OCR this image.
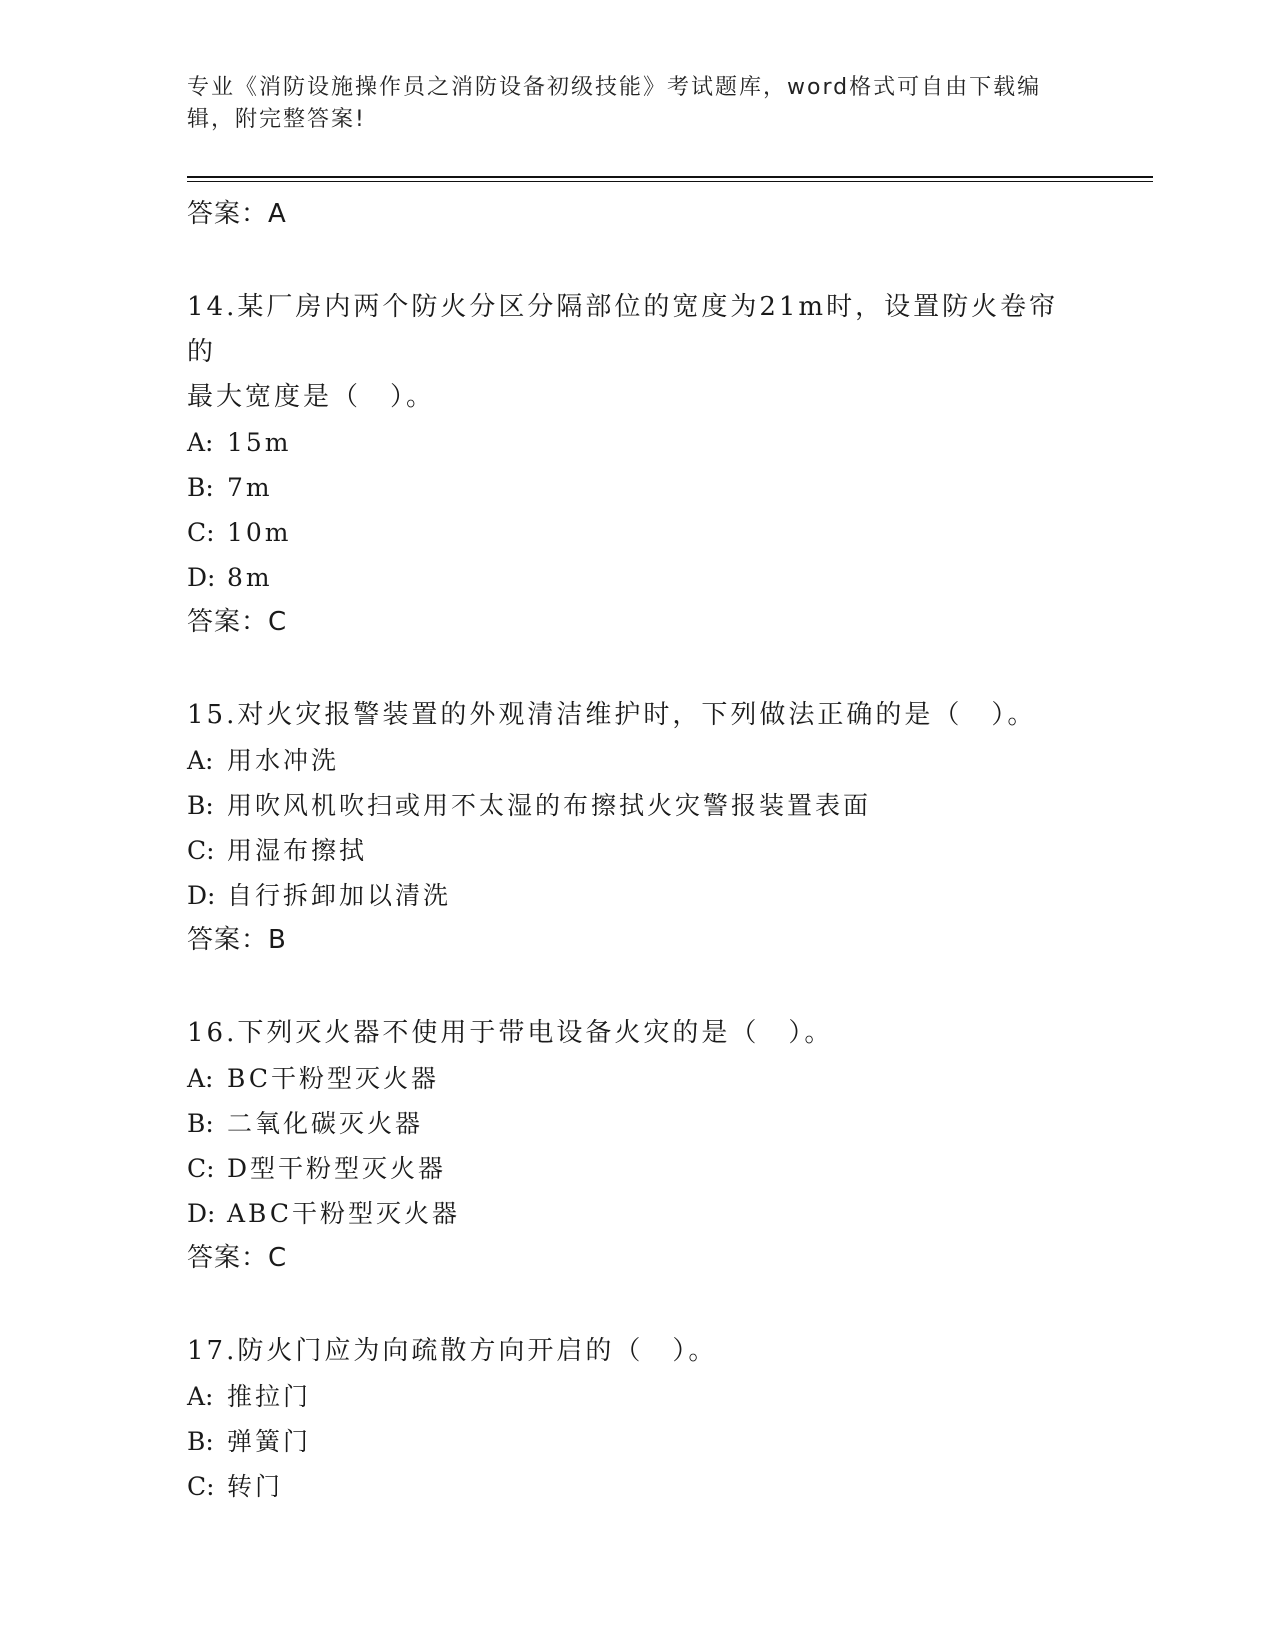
专业《消防设施操作员之消防设备初级技能》考试题库，word格式可自由下载编
辑，附完整答案!
答案：A
14.某厂房内两个防火分区分隔部位的宽度为21m时，设置防火卷帘的
最大宽度是（　）。
A: 15m
B: 7m
C: 10m
D: 8m
答案：C
15.对火灾报警装置的外观清洁维护时，下列做法正确的是（　）。
A: 用水冲洗
B: 用吹风机吹扫或用不太湿的布擦拭火灾警报装置表面
C: 用湿布擦拭
D: 自行拆卸加以清洗
答案：B
16.下列灭火器不使用于带电设备火灾的是（　）。
A: BC干粉型灭火器
B: 二氧化碳灭火器
C: D型干粉型灭火器
D: ABC干粉型灭火器
答案：C
17.防火门应为向疏散方向开启的（　）。
A: 推拉门
B: 弹簧门
C: 转门
